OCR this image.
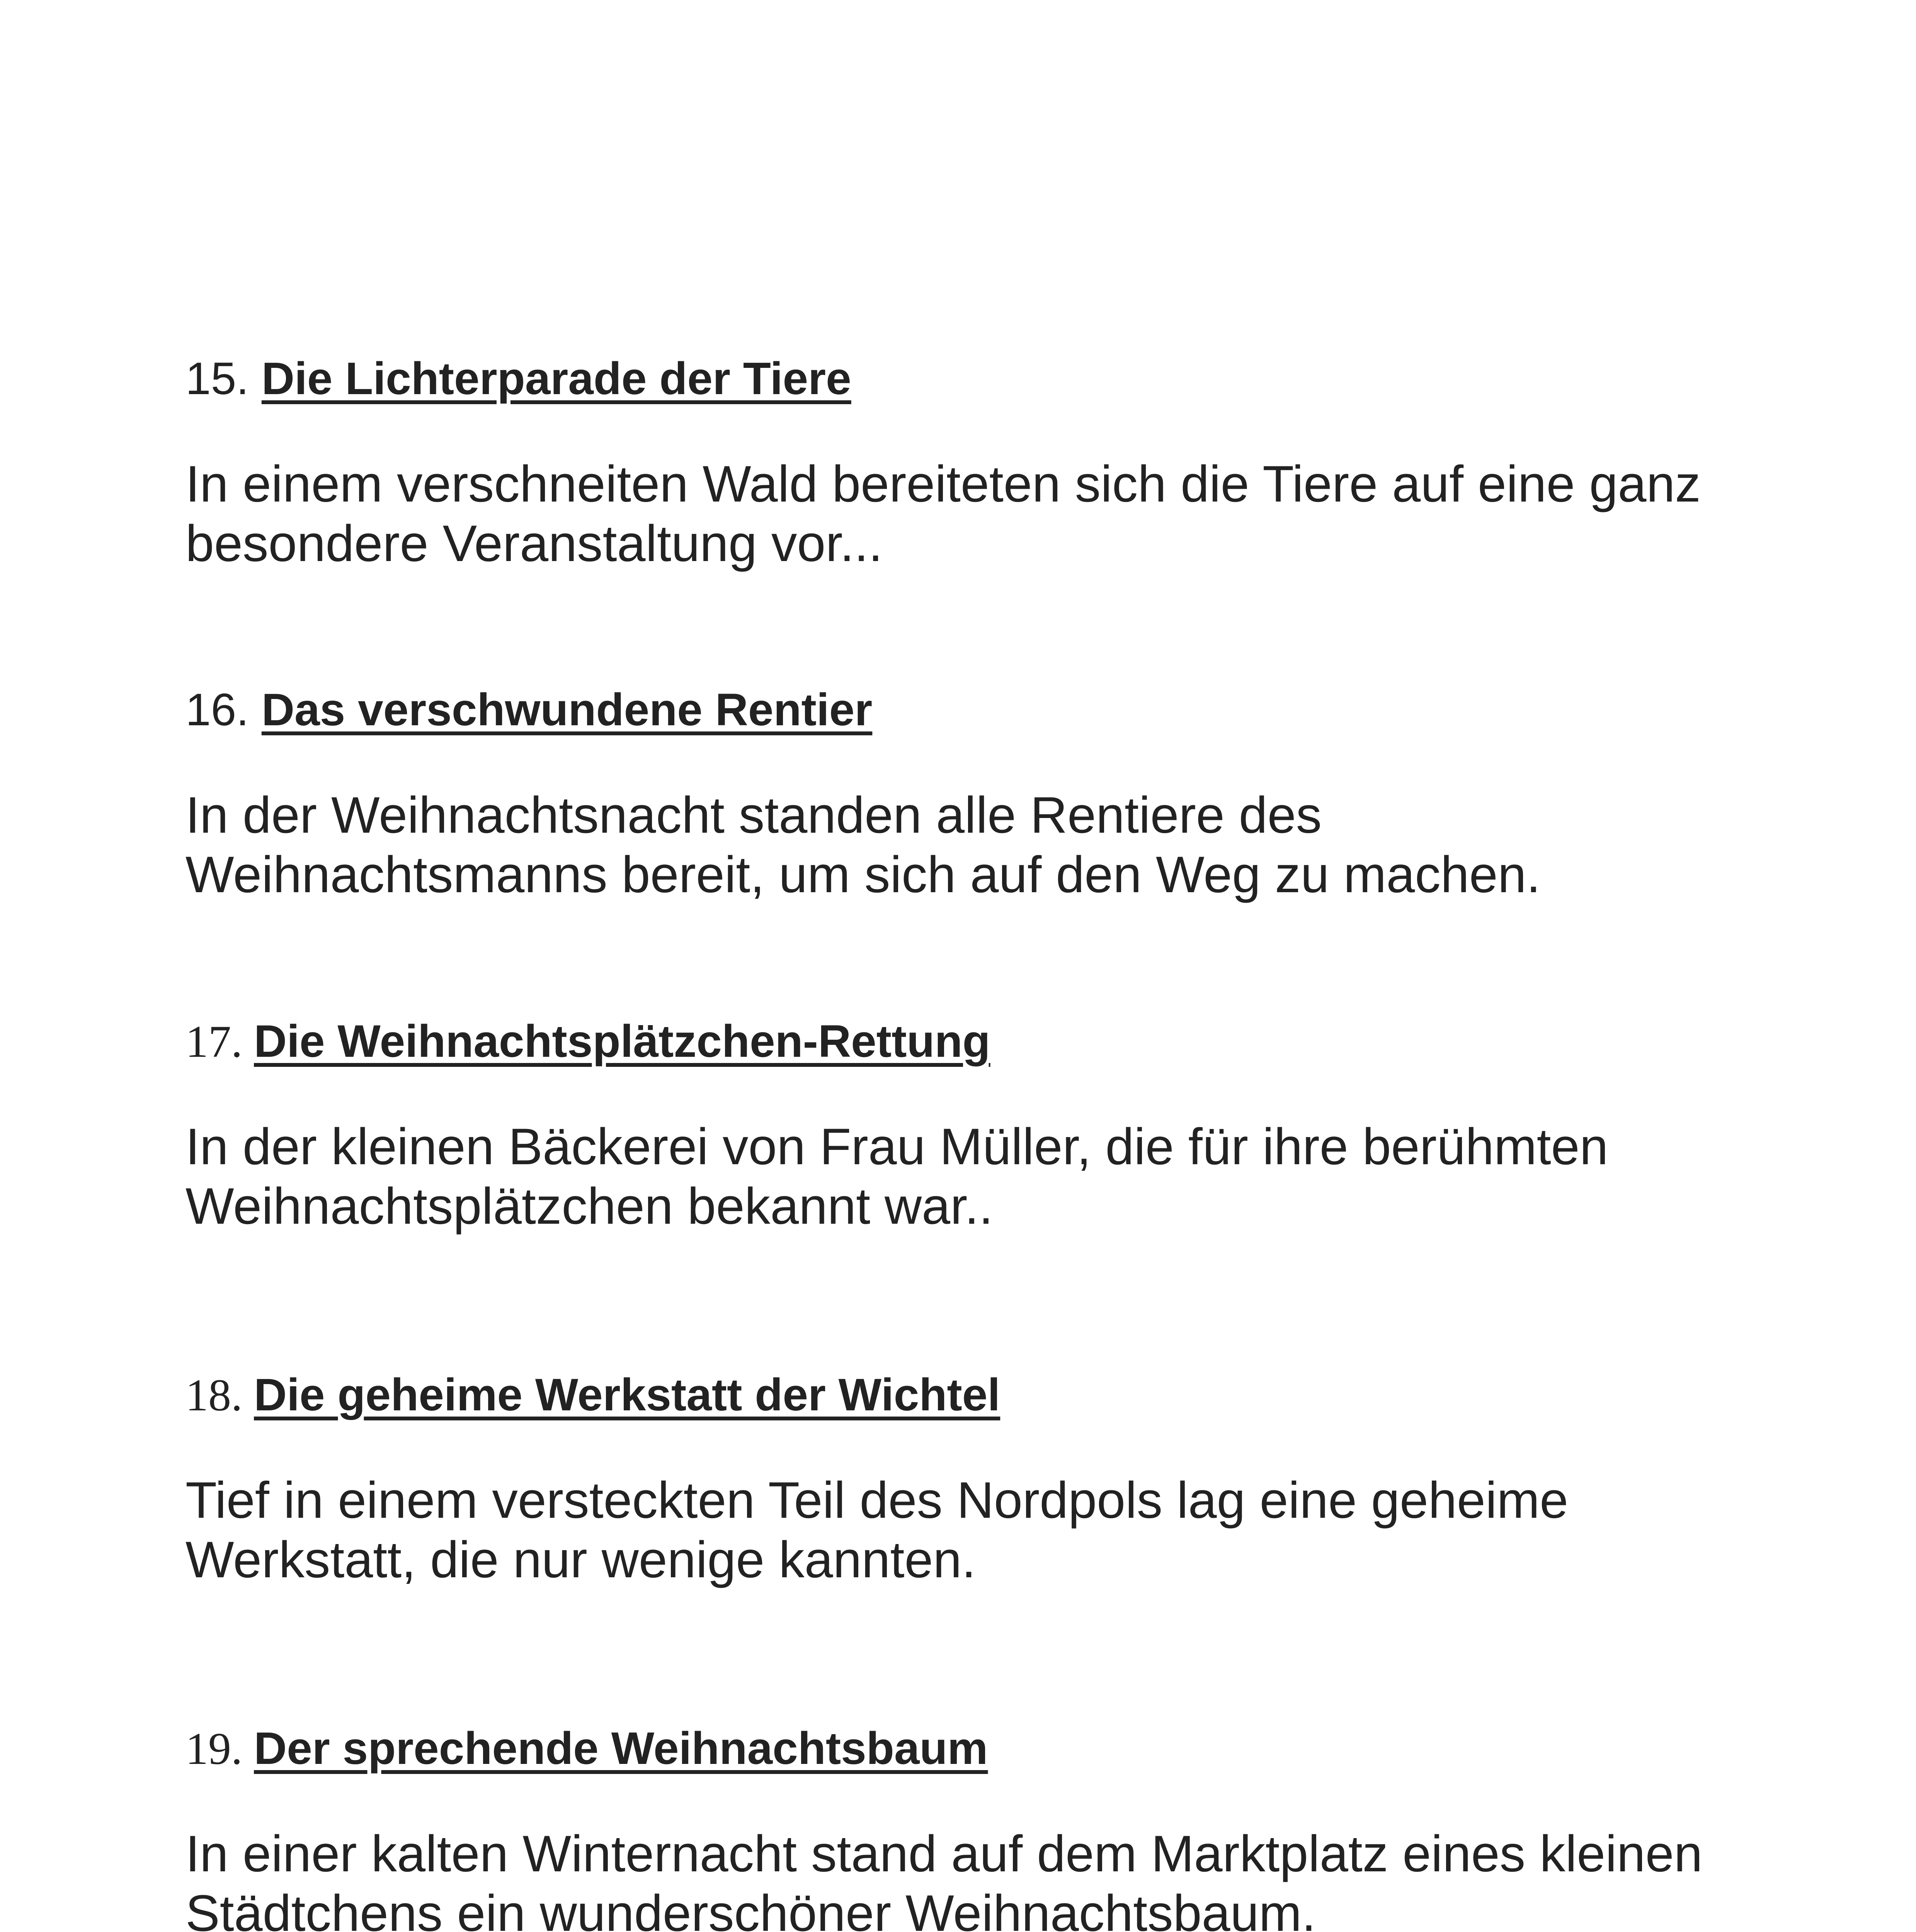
15. Die Lichterparade der Tiere
In einem verschneiten Wald bereiteten sich die Tiere auf eine ganz
besondere Veranstaltung vor...
16. Das verschwundene Rentier
In der Weihnachtsnacht standen alle Rentiere des
Weihnachtsmanns bereit, um sich auf den Weg zu machen.
17. Die Weihnachtsplätzchen-Rettung
In der kleinen Bäckerei von Frau Müller, die für ihre berühmten
Weihnachtsplätzchen bekannt war..
18. Die geheime Werkstatt der Wichtel
Tief in einem versteckten Teil des Nordpols lag eine geheime
Werkstatt, die nur wenige kannten.
19. Der sprechende Weihnachtsbaum
In einer kalten Winternacht stand auf dem Marktplatz eines kleinen
Städtchens ein wunderschöner Weihnachtsbaum.
